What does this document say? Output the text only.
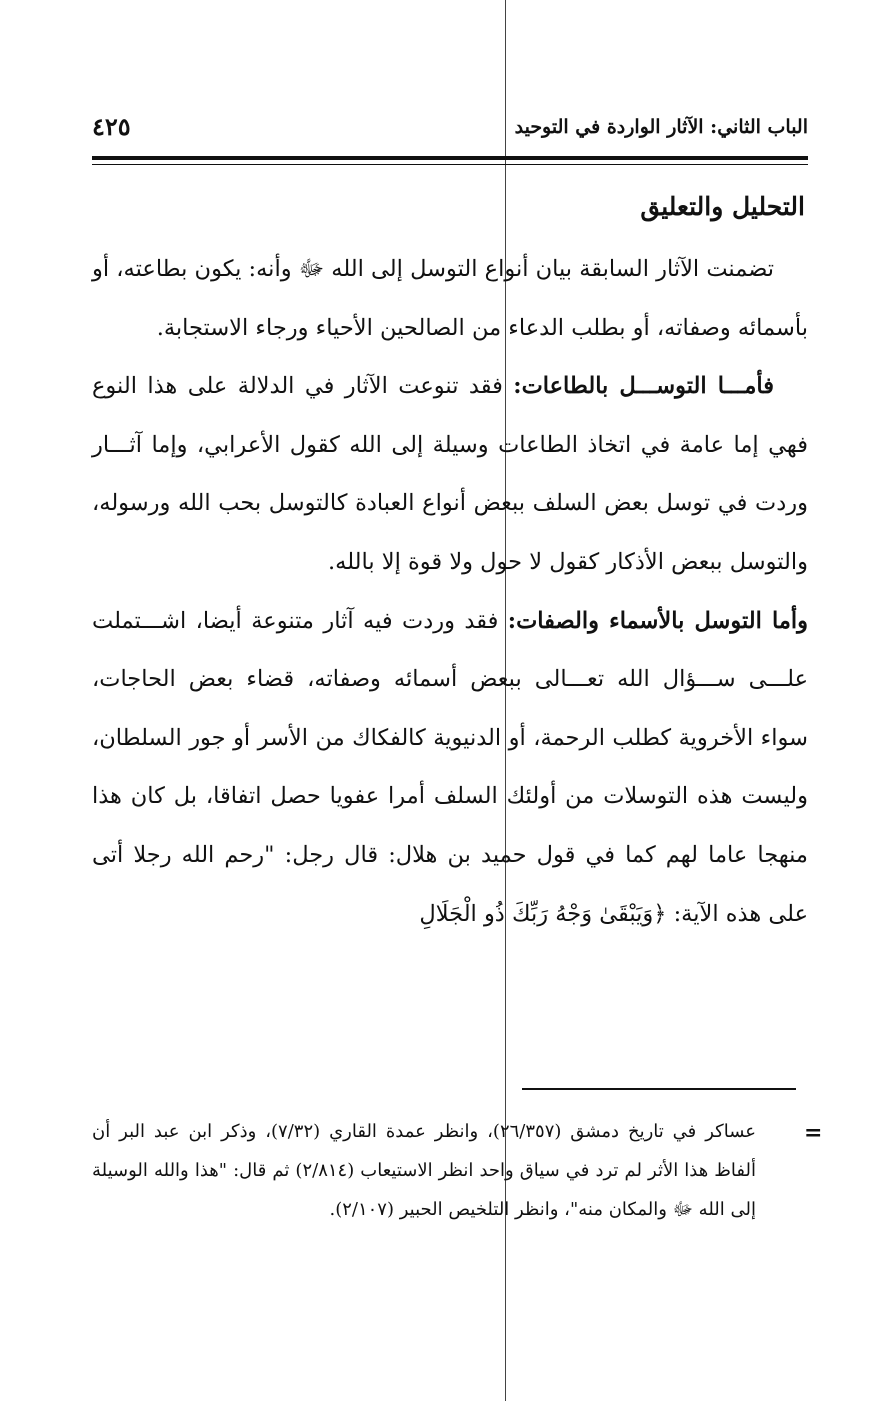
الباب الثاني: الآثار الواردة في التوحيد
٤٢٥
التحليل والتعليق

تضمنت الآثار السابقة بيان أنواع التوسل إلى الله ﷻ وأنه: يكون بطاعته، أو بأسمائه وصفاته، أو بطلب الدعاء من الصالحين الأحياء ورجاء الاستجابة.

فأمـــا التوســـل بالطاعات: فقد تنوعت الآثار في الدلالة على هذا النوع فهي إما عامة في اتخاذ الطاعات وسيلة إلى الله كقول الأعرابي، وإما آثـــار وردت في توسل بعض السلف ببعض أنواع العبادة كالتوسل بحب الله ورسوله، والتوسل ببعض الأذكار كقول لا حول ولا قوة إلا بالله.

وأما التوسل بالأسماء والصفات: فقد وردت فيه آثار متنوعة أيضا، اشـــتملت علـــى ســـؤال الله تعـــالى ببعض أسمائه وصفاته، قضاء بعض الحاجات، سواء الأخروية كطلب الرحمة، أو الدنيوية كالفكاك من الأسر أو جور السلطان، وليست هذه التوسلات من أولئك السلف أمرا عفويا حصل اتفاقا، بل كان هذا منهجا عاما لهم كما في قول حميد بن هلال: قال رجل: "رحم الله رجلا أتى على هذه الآية: ﴿وَيَبْقَىٰ وَجْهُ رَبِّكَ ذُو الْجَلَالِ

=

عساكر في تاريخ دمشق (٢٦/٣٥٧)، وانظر عمدة القاري (٧/٣٢)، وذكر ابن عبد البر أن ألفاظ هذا الأثر لم ترد في سياق واحد انظر الاستيعاب (٢/٨١٤) ثم قال: "هذا والله الوسيلة إلى الله ﷻ والمكان منه"، وانظر التلخيص الحبير (٢/١٠٧).
